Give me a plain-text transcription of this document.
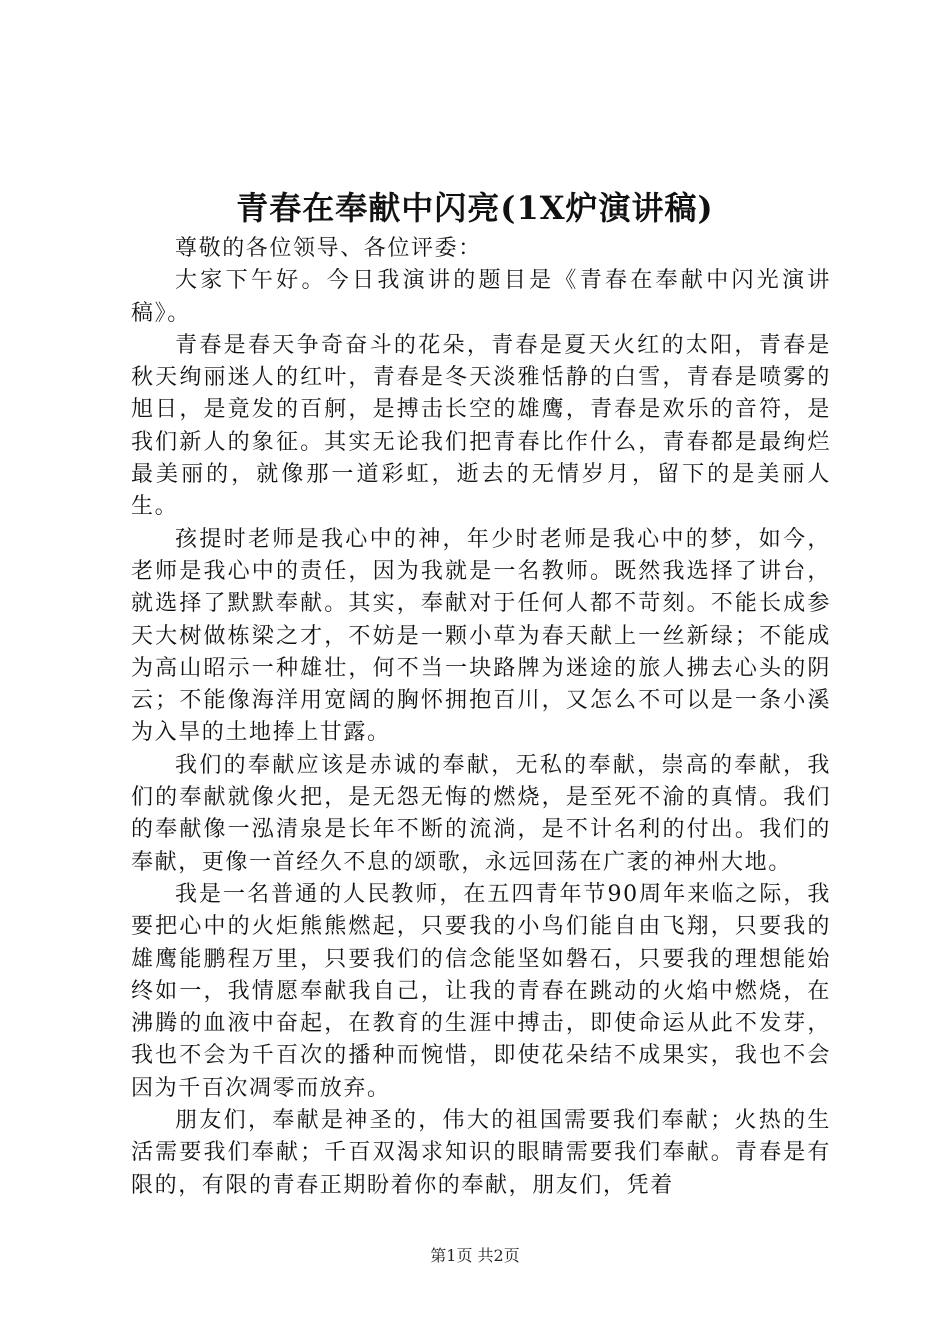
青春在奉献中闪亮(1X炉演讲稿)

尊敬的各位领导、各位评委：

大家下午好。今日我演讲的题目是《青春在奉献中闪光演讲稿》。

青春是春天争奇奋斗的花朵，青春是夏天火红的太阳，青春是秋天绚丽迷人的红叶，青春是冬天淡雅恬静的白雪，青春是喷雾的旭日，是竟发的百舸，是搏击长空的雄鹰，青春是欢乐的音符，是我们新人的象征。其实无论我们把青春比作什么，青春都是最绚烂最美丽的，就像那一道彩虹，逝去的无情岁月，留下的是美丽人生。

孩提时老师是我心中的神，年少时老师是我心中的梦，如今，老师是我心中的责任，因为我就是一名教师。既然我选择了讲台，就选择了默默奉献。其实，奉献对于任何人都不苛刻。不能长成参天大树做栋梁之才，不妨是一颗小草为春天献上一丝新绿；不能成为高山昭示一种雄壮，何不当一块路牌为迷途的旅人拂去心头的阴云；不能像海洋用宽阔的胸怀拥抱百川，又怎么不可以是一条小溪为入旱的土地捧上甘露。

我们的奉献应该是赤诚的奉献，无私的奉献，崇高的奉献，我们的奉献就像火把，是无怨无悔的燃烧，是至死不渝的真情。我们的奉献像一泓清泉是长年不断的流淌，是不计名利的付出。我们的奉献，更像一首经久不息的颂歌，永远回荡在广袤的神州大地。

我是一名普通的人民教师，在五四青年节90周年来临之际，我要把心中的火炬熊熊燃起，只要我的小鸟们能自由飞翔，只要我的雄鹰能鹏程万里，只要我们的信念能坚如磐石，只要我的理想能始终如一，我情愿奉献我自己，让我的青春在跳动的火焰中燃烧，在沸腾的血液中奋起，在教育的生涯中搏击，即使命运从此不发芽，我也不会为千百次的播种而惋惜，即使花朵结不成果实，我也不会因为千百次凋零而放弃。

朋友们，奉献是神圣的，伟大的祖国需要我们奉献；火热的生活需要我们奉献；千百双渴求知识的眼睛需要我们奉献。青春是有限的，有限的青春正期盼着你的奉献，朋友们，凭着

第1页 共2页
